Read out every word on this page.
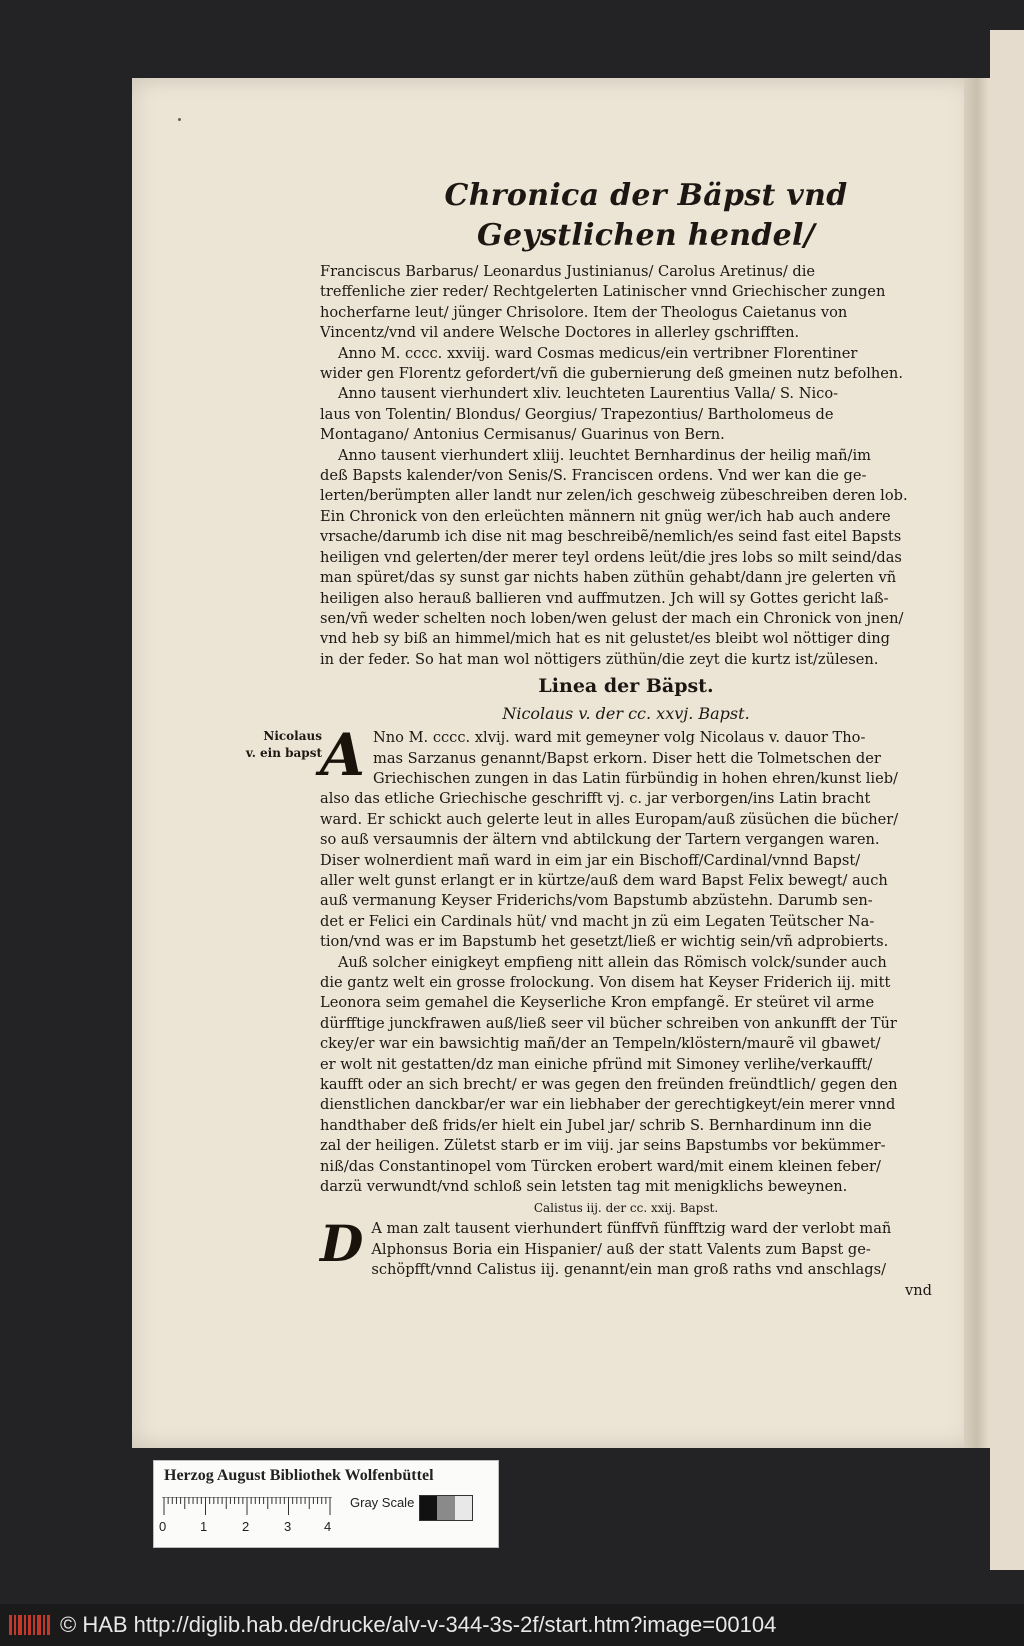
Nicolaus
v. ein bapst
Chronica der Bäpst vnd Geystlichen hendel/
Franciscus Barbarus/ Leonardus Justinianus/ Carolus Aretinus/ die
treffenliche zier reder/ Rechtgelerten Latinischer vnnd Griechischer zungen
hocherfarne leut/ jünger Chrisolore. Item der Theologus Caietanus von
Vincentz/vnd vil andere Welsche Doctores in allerley gschrifften.
Anno M. cccc. xxviij. ward Cosmas medicus/ein vertribner Florentiner
wider gen Florentz gefordert/vñ die gubernierung deß gmeinen nutz befolhen.
Anno tausent vierhundert xliv. leuchteten Laurentius Valla/ S. Nico-
laus von Tolentin/ Blondus/ Georgius/ Trapezontius/ Bartholomeus de
Montagano/ Antonius Cermisanus/ Guarinus von Bern.
Anno tausent vierhundert xliij. leuchtet Bernhardinus der heilig mañ/im
deß Bapsts kalender/von Senis/S. Franciscen ordens. Vnd wer kan die ge-
lerten/berümpten aller landt nur zelen/ich geschweig zübeschreiben deren lob.
Ein Chronick von den erleüchten männern nit gnüg wer/ich hab auch andere
vrsache/darumb ich dise nit mag beschreibẽ/nemlich/es seind fast eitel Bapsts
heiligen vnd gelerten/der merer teyl ordens leüt/die jres lobs so milt seind/das
man spüret/das sy sunst gar nichts haben züthün gehabt/dann jre gelerten vñ
heiligen also herauß ballieren vnd auffmutzen. Jch will sy Gottes gericht laß-
sen/vñ weder schelten noch loben/wen gelust der mach ein Chronick von jnen/
vnd heb sy biß an himmel/mich hat es nit gelustet/es bleibt wol nöttiger ding
in der feder. So hat man wol nöttigers züthün/die zeyt die kurtz ist/zülesen.
Linea der Bäpst.
Nicolaus v. der cc. xxvj. Bapst.
A Nno M. cccc. xlvij. ward mit gemeyner volg Nicolaus v. dauor Tho-
mas Sarzanus genannt/Bapst erkorn. Diser hett die Tolmetschen der
Griechischen zungen in das Latin fürbündig in hohen ehren/kunst lieb/
also das etliche Griechische geschrifft vj. c. jar verborgen/ins Latin bracht
ward. Er schickt auch gelerte leut in alles Europam/auß züsüchen die bücher/
so auß versaumnis der ältern vnd abtilckung der Tartern vergangen waren.
Diser wolnerdient mañ ward in eim jar ein Bischoff/Cardinal/vnnd Bapst/
aller welt gunst erlangt er in kürtze/auß dem ward Bapst Felix bewegt/ auch
auß vermanung Keyser Friderichs/vom Bapstumb abzüstehn. Darumb sen-
det er Felici ein Cardinals hüt/ vnd macht jn zü eim Legaten Teütscher Na-
tion/vnd was er im Bapstumb het gesetzt/ließ er wichtig sein/vñ adprobierts.
Auß solcher einigkeyt empfieng nitt allein das Römisch volck/sunder auch
die gantz welt ein grosse frolockung. Von disem hat Keyser Friderich iij. mitt
Leonora seim gemahel die Keyserliche Kron empfangẽ. Er steüret vil arme
dürfftige junckfrawen auß/ließ seer vil bücher schreiben von ankunfft der Tür
ckey/er war ein bawsichtig mañ/der an Tempeln/klöstern/maurẽ vil gbawet/
er wolt nit gestatten/dz man einiche pfründ mit Simoney verlihe/verkaufft/
kaufft oder an sich brecht/ er was gegen den freünden freündtlich/ gegen den
dienstlichen danckbar/er war ein liebhaber der gerechtigkeyt/ein merer vnnd
handthaber deß frids/er hielt ein Jubel jar/ schrib S. Bernhardinum inn die
zal der heiligen. Zületst starb er im viij. jar seins Bapstumbs vor bekümmer-
niß/das Constantinopel vom Türcken erobert ward/mit einem kleinen feber/
darzü verwundt/vnd schloß sein letsten tag mit menigklichs beweynen.
Calistus iij. der cc. xxij. Bapst.
D A man zalt tausent vierhundert fünffvñ fünfftzig ward der verlobt mañ
Alphonsus Boria ein Hispanier/ auß der statt Valents zum Bapst ge-
schöpfft/vnnd Calistus iij. genannt/ein man groß raths vnd anschlags/
vnd
Herzog August Bibliothek Wolfenbüttel
0	1	2	3	4
Gray Scale
© HAB http://diglib.hab.de/drucke/alv-v-344-3s-2f/start.htm?image=00104
